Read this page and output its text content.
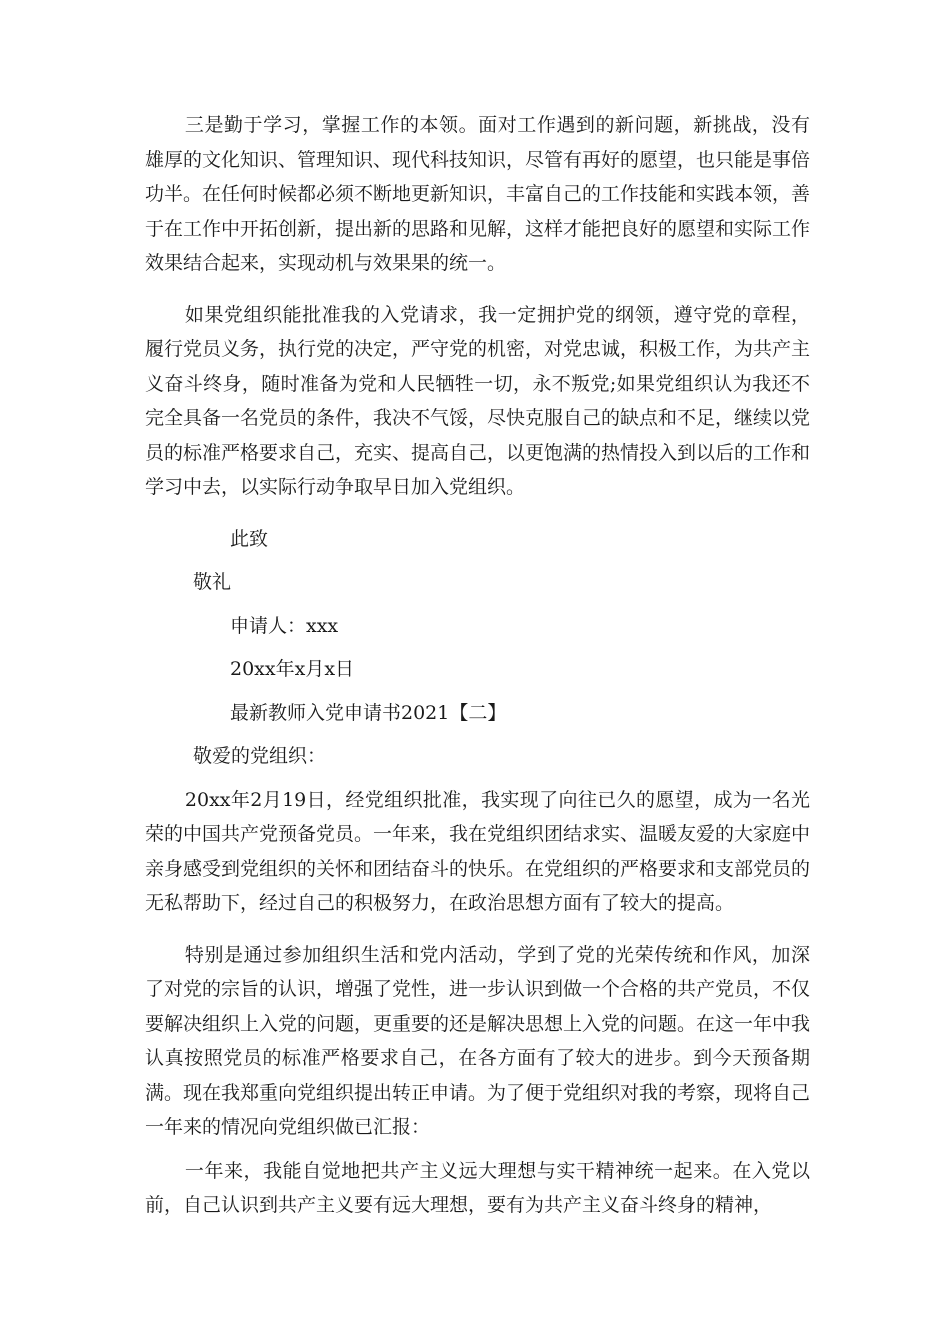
三是勤于学习，掌握工作的本领。面对工作遇到的新问题，新挑战，没有雄厚的文化知识、管理知识、现代科技知识，尽管有再好的愿望，也只能是事倍功半。在任何时候都必须不断地更新知识，丰富自己的工作技能和实践本领，善于在工作中开拓创新，提出新的思路和见解，这样才能把良好的愿望和实际工作效果结合起来，实现动机与效果果的统一。

如果党组织能批准我的入党请求，我一定拥护党的纲领，遵守党的章程，履行党员义务，执行党的决定，严守党的机密，对党忠诚，积极工作，为共产主义奋斗终身，随时准备为党和人民牺牲一切，永不叛党;如果党组织认为我还不完全具备一名党员的条件，我决不气馁，尽快克服自己的缺点和不足，继续以党员的标准严格要求自己，充实、提高自己，以更饱满的热情投入到以后的工作和学习中去，以实际行动争取早日加入党组织。

此致

敬礼

申请人：xxx

20xx年x月x日

最新教师入党申请书2021【二】

敬爱的党组织：

20xx年2月19日，经党组织批准，我实现了向往已久的愿望，成为一名光荣的中国共产党预备党员。一年来，我在党组织团结求实、温暖友爱的大家庭中亲身感受到党组织的关怀和团结奋斗的快乐。在党组织的严格要求和支部党员的无私帮助下，经过自己的积极努力，在政治思想方面有了较大的提高。

特别是通过参加组织生活和党内活动，学到了党的光荣传统和作风，加深了对党的宗旨的认识，增强了党性，进一步认识到做一个合格的共产党员，不仅要解决组织上入党的问题，更重要的还是解决思想上入党的问题。在这一年中我认真按照党员的标准严格要求自己，在各方面有了较大的进步。到今天预备期满。现在我郑重向党组织提出转正申请。为了便于党组织对我的考察，现将自己一年来的情况向党组织做已汇报：

一年来，我能自觉地把共产主义远大理想与实干精神统一起来。在入党以前，自己认识到共产主义要有远大理想，要有为共产主义奋斗终身的精神，
